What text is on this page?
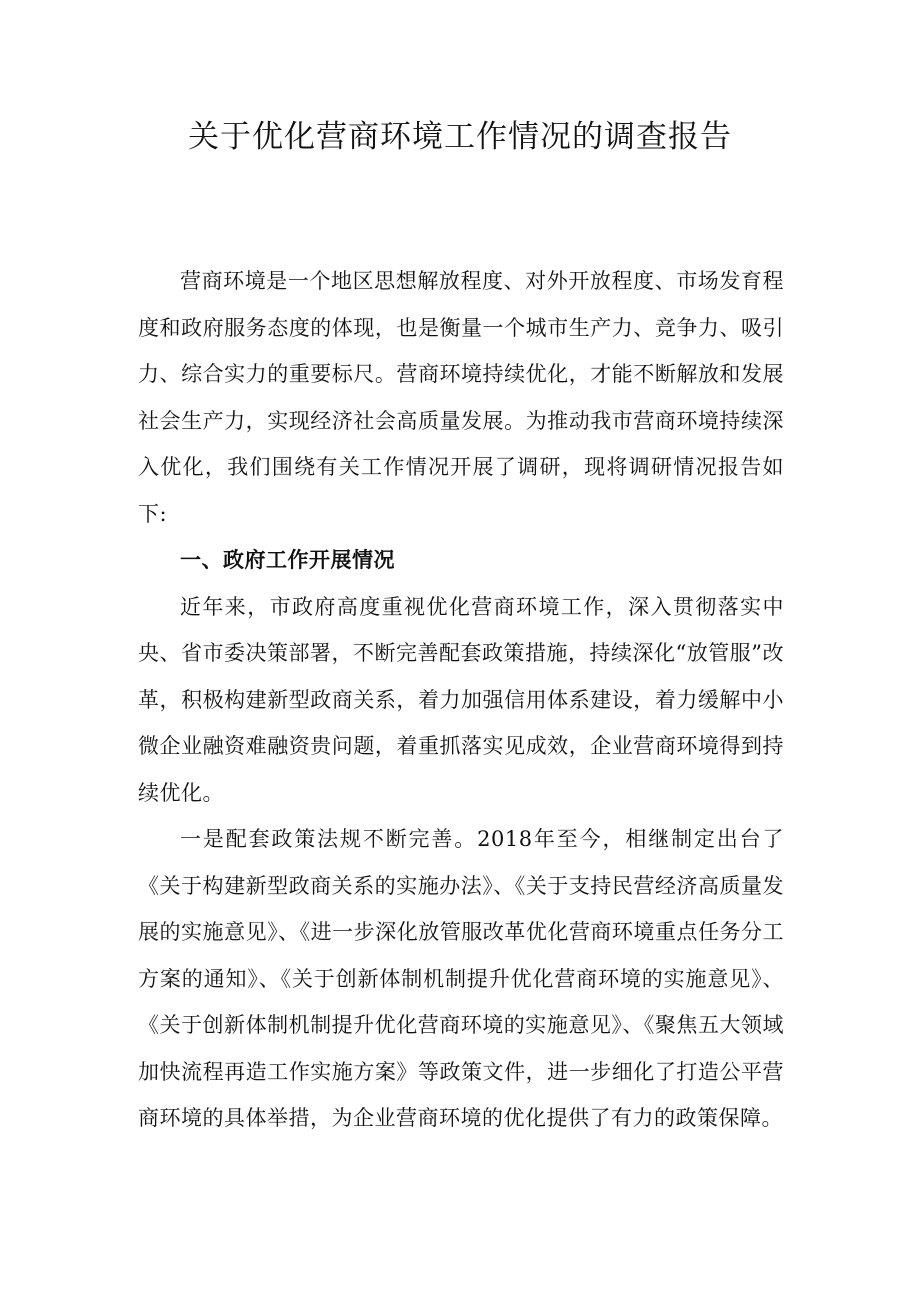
关于优化营商环境工作情况的调查报告

营商环境是一个地区思想解放程度、对外开放程度、市场发育程度和政府服务态度的体现，也是衡量一个城市生产力、竞争力、吸引力、综合实力的重要标尺。营商环境持续优化，才能不断解放和发展社会生产力，实现经济社会高质量发展。为推动我市营商环境持续深入优化，我们围绕有关工作情况开展了调研，现将调研情况报告如下:

一、政府工作开展情况

近年来，市政府高度重视优化营商环境工作，深入贯彻落实中央、省市委决策部署，不断完善配套政策措施，持续深化“放管服”改革，积极构建新型政商关系，着力加强信用体系建设，着力缓解中小微企业融资难融资贵问题，着重抓落实见成效，企业营商环境得到持续优化。

一是配套政策法规不断完善。2018年至今，相继制定出台了《关于构建新型政商关系的实施办法》、《关于支持民营经济高质量发展的实施意见》、《进一步深化放管服改革优化营商环境重点任务分工方案的通知》、《关于创新体制机制提升优化营商环境的实施意见》、《关于创新体制机制提升优化营商环境的实施意见》、《聚焦五大领域加快流程再造工作实施方案》等政策文件，进一步细化了打造公平营商环境的具体举措，为企业营商环境的优化提供了有力的政策保障。
